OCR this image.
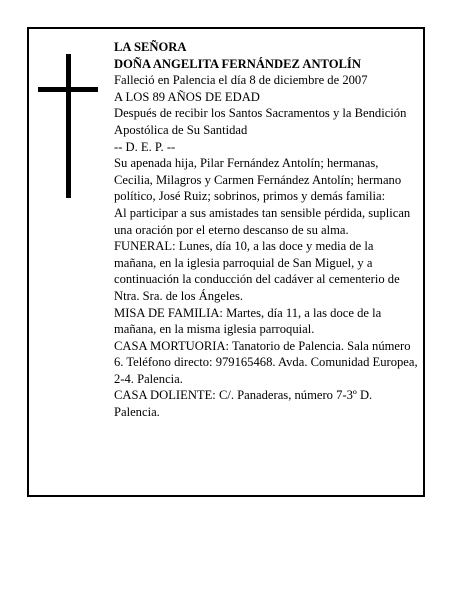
LA SEÑORA

DOÑA ANGELITA FERNÁNDEZ ANTOLÍN

Falleció en Palencia el día 8 de diciembre de 2007

A LOS 89 AÑOS DE EDAD

Después de recibir los Santos Sacramentos y la Bendición Apostólica de Su Santidad

-- D. E. P. --

Su apenada hija, Pilar Fernández Antolín; hermanas, Cecilia, Milagros y Carmen Fernández Antolín; hermano político, José Ruiz; sobrinos, primos y demás familia:

Al participar a sus amistades tan sensible pérdida, suplican una oración por el eterno descanso de su alma.

FUNERAL: Lunes, día 10, a las doce y media de la mañana, en la iglesia parroquial de San Miguel, y a continuación la conducción del cadáver al cementerio de Ntra. Sra. de los Ángeles.

MISA DE FAMILIA: Martes, día 11, a las doce de la mañana, en la misma iglesia parroquial.

CASA MORTUORIA: Tanatorio de Palencia. Sala número 6. Teléfono directo: 979165468. Avda. Comunidad Europea, 2-4. Palencia.

CASA DOLIENTE: C/. Panaderas, número 7-3º D. Palencia.
